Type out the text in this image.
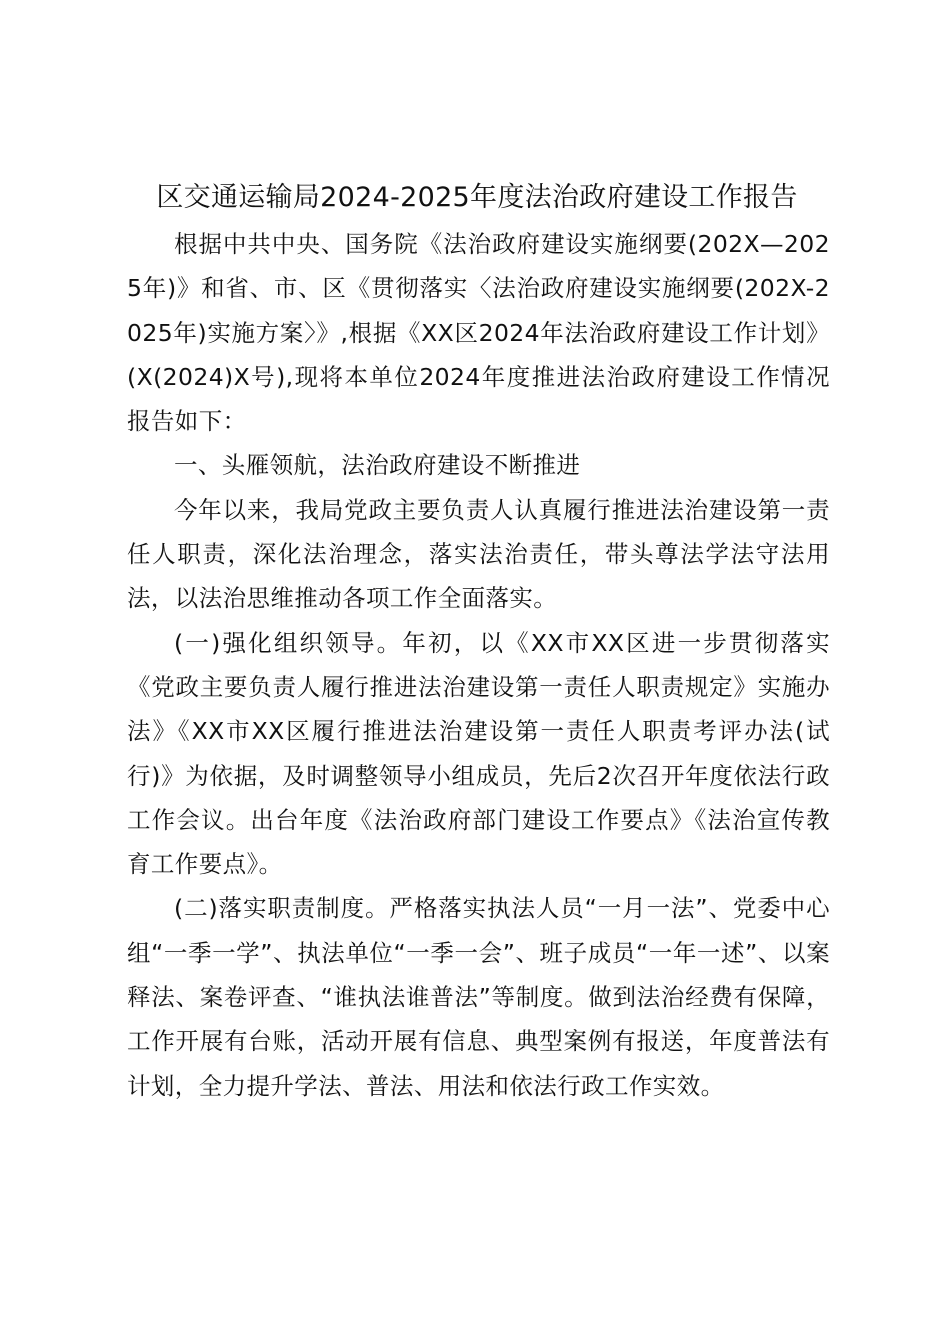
区交通运输局2024-2025年度法治政府建设工作报告

根据中共中央、国务院《法治政府建设实施纲要(202X—2025年)》和省、市、区《贯彻落实〈法治政府建设实施纲要(202X-2025年)实施方案〉》,根据《XX区2024年法治政府建设工作计划》(X(2024)X号),现将本单位2024年度推进法治政府建设工作情况报告如下：

一、头雁领航，法治政府建设不断推进

今年以来，我局党政主要负责人认真履行推进法治建设第一责任人职责，深化法治理念，落实法治责任，带头尊法学法守法用法，以法治思维推动各项工作全面落实。

(一)强化组织领导。年初，以《XX市XX区进一步贯彻落实《党政主要负责人履行推进法治建设第一责任人职责规定》实施办法》《XX市XX区履行推进法治建设第一责任人职责考评办法(试行)》为依据，及时调整领导小组成员，先后2次召开年度依法行政工作会议。出台年度《法治政府部门建设工作要点》《法治宣传教育工作要点》。

(二)落实职责制度。严格落实执法人员“一月一法”、党委中心组“一季一学”、执法单位“一季一会”、班子成员“一年一述”、以案释法、案卷评查、“谁执法谁普法”等制度。做到法治经费有保障，工作开展有台账，活动开展有信息、典型案例有报送，年度普法有计划，全力提升学法、普法、用法和依法行政工作实效。
